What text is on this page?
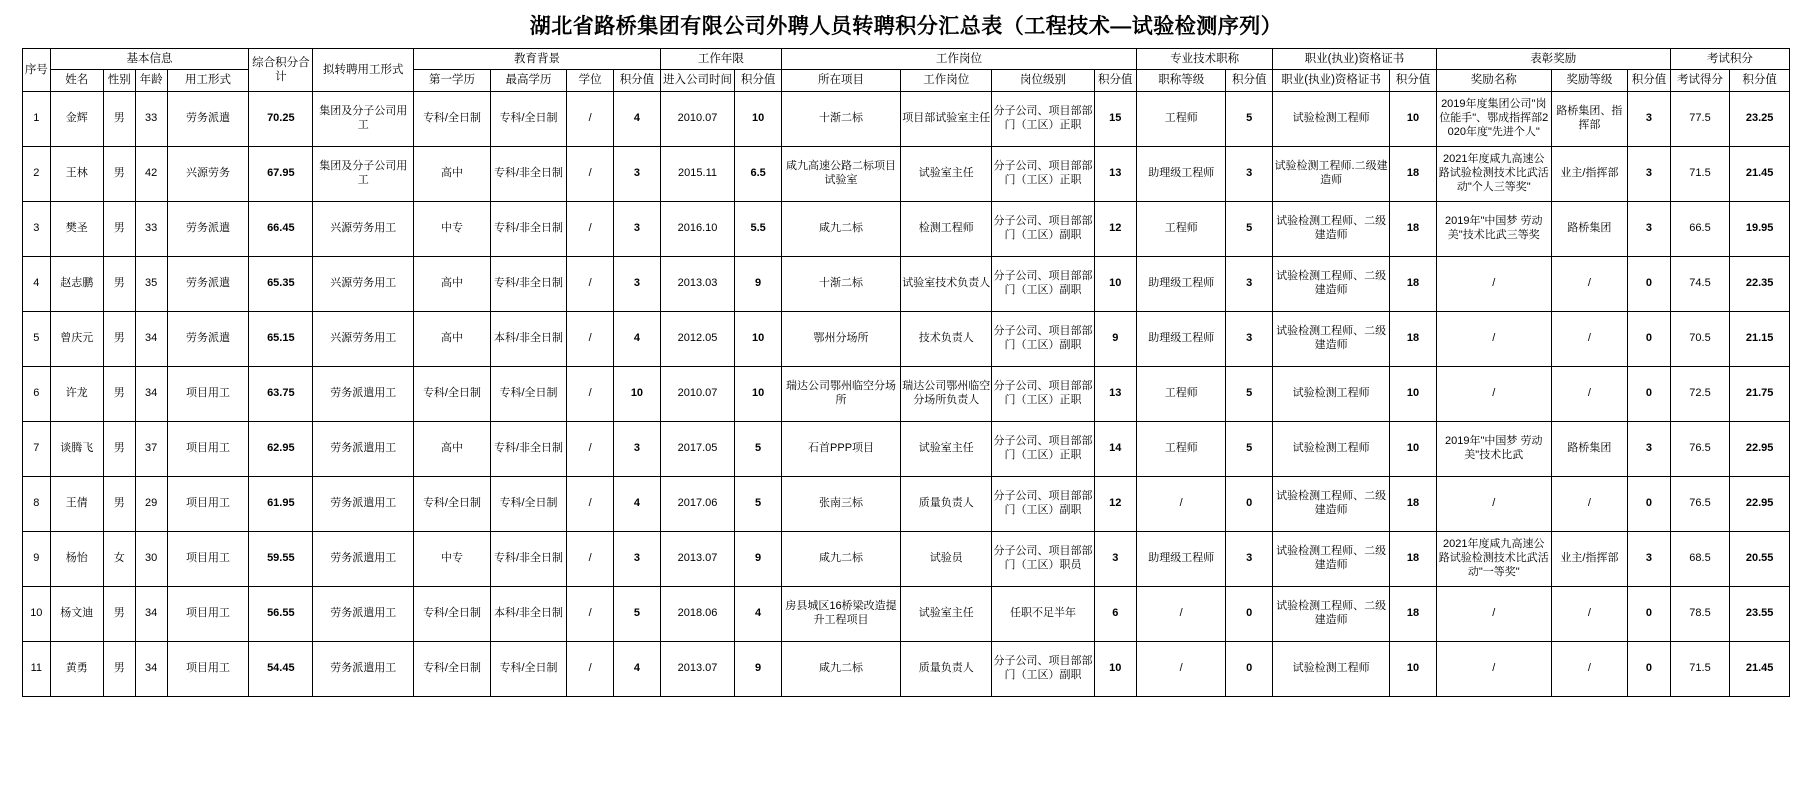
湖北省路桥集团有限公司外聘人员转聘积分汇总表（工程技术—试验检测序列）
序号	基本信息				综合积分合计	拟转聘用工形式	教育背景				工作年限		工作岗位				专业技术职称		职业(执业)资格证书		表彰奖励			考试积分	
	姓名	性别	年龄	用工形式			第一学历	最高学历	学位	积分值	进入公司时间	积分值	所在项目	工作岗位	岗位级别	积分值	职称等级	积分值	职业(执业)资格证书	积分值	奖励名称	奖励等级	积分值	考试得分	积分值
1	金辉	男	33	劳务派遣	70.25	集团及分子公司用工	专科/全日制	专科/全日制	/	4	2010.07	10	十渐二标	项目部试验室主任	分子公司、项目部部门（工区）正职	15	工程师	5	试验检测工程师	10	2019年度集团公司"岗位能手"、鄂成指挥部2020年度"先进个人"	路桥集团、指挥部	3	77.5	23.25
2	王林	男	42	兴源劳务	67.95	集团及分子公司用工	高中	专科/非全日制	/	3	2015.11	6.5	咸九高速公路二标项目试验室	试验室主任	分子公司、项目部部门（工区）正职	13	助理级工程师	3	试验检测工程师.二级建造师	18	2021年度咸九高速公路试验检测技术比武活动"个人三等奖"	业主/指挥部	3	71.5	21.45
3	樊圣	男	33	劳务派遣	66.45	兴源劳务用工	中专	专科/非全日制	/	3	2016.10	5.5	咸九二标	检测工程师	分子公司、项目部部门（工区）副职	12	工程师	5	试验检测工程师、二级建造师	18	2019年"中国梦 劳动美"技术比武三等奖	路桥集团	3	66.5	19.95
4	赵志鹏	男	35	劳务派遣	65.35	兴源劳务用工	高中	专科/非全日制	/	3	2013.03	9	十渐二标	试验室技术负责人	分子公司、项目部部门（工区）副职	10	助理级工程师	3	试验检测工程师、二级建造师	18	/	/	0	74.5	22.35
5	曾庆元	男	34	劳务派遣	65.15	兴源劳务用工	高中	本科/非全日制	/	4	2012.05	10	鄂州分场所	技术负责人	分子公司、项目部部门（工区）副职	9	助理级工程师	3	试验检测工程师、二级建造师	18	/	/	0	70.5	21.15
6	许龙	男	34	项目用工	63.75	劳务派遣用工	专科/全日制	专科/全日制	/	10	2010.07	10	瑞达公司鄂州临空分场所	瑞达公司鄂州临空分场所负责人	分子公司、项目部部门（工区）正职	13	工程师	5	试验检测工程师	10	/	/	0	72.5	21.75
7	谈腾飞	男	37	项目用工	62.95	劳务派遣用工	高中	专科/非全日制	/	3	2017.05	5	石首PPP项目	试验室主任	分子公司、项目部部门（工区）正职	14	工程师	5	试验检测工程师	10	2019年"中国梦 劳动美"技术比武	路桥集团	3	76.5	22.95
8	王倩	男	29	项目用工	61.95	劳务派遣用工	专科/全日制	专科/全日制	/	4	2017.06	5	张南三标	质量负责人	分子公司、项目部部门（工区）副职	12	/	0	试验检测工程师、二级建造师	18	/	/	0	76.5	22.95
9	杨怡	女	30	项目用工	59.55	劳务派遣用工	中专	专科/非全日制	/	3	2013.07	9	咸九二标	试验员	分子公司、项目部部门（工区）职员	3	助理级工程师	3	试验检测工程师、二级建造师	18	2021年度咸九高速公路试验检测技术比武活动"一等奖"	业主/指挥部	3	68.5	20.55
10	杨文迪	男	34	项目用工	56.55	劳务派遣用工	专科/全日制	本科/非全日制	/	5	2018.06	4	房县城区16桥梁改造提升工程项目	试验室主任	任职不足半年	6	/	0	试验检测工程师、二级建造师	18	/	/	0	78.5	23.55
11	黄勇	男	34	项目用工	54.45	劳务派遣用工	专科/全日制	专科/全日制	/	4	2013.07	9	咸九二标	质量负责人	分子公司、项目部部门（工区）副职	10	/	0	试验检测工程师	10	/	/	0	71.5	21.45
